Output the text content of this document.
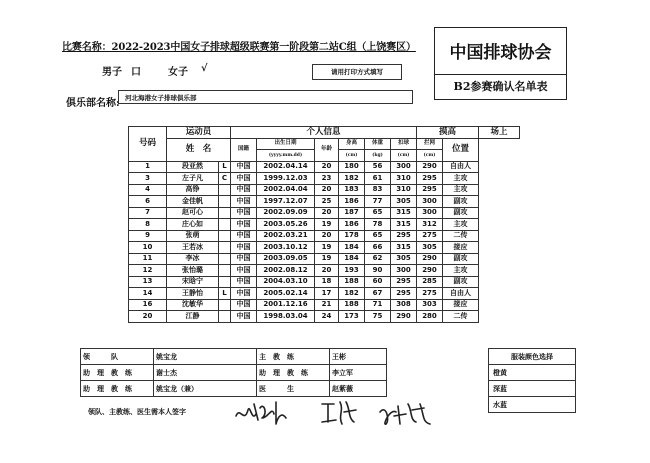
比赛名称：2022-2023中国女子排球超级联赛第一阶段第二站C组（上饶赛区）	中国排球协会
B2参赛确认名单表
男子 口	女子 √	请用打印方式填写
俱乐部名称: 河北海港女子排球俱乐部
号码	运动员		个人信息						摸高		场上
	姓　名		国籍	出生日期	年龄	身高	体重	扣球	拦网	位置	
				(yyyy.mm.dd)		(cm)	(kg)	(cm)	(cm)		
1	段亚然	L	中国	2002.04.14	20	180	56	300	290	自由人	
3	左子凡	C	中国	1999.12.03	23	182	61	310	295	主攻	
4	高铮		中国	2002.04.04	20	183	83	310	295	主攻	
6	金佳帆		中国	1997.12.07	25	186	77	305	300	副攻	
7	赵可心		中国	2002.09.09	20	187	65	315	300	副攻	
8	庄心如		中国	2003.05.26	19	186	78	315	312	主攻	
9	张萌		中国	2002.03.21	20	178	65	295	275	二传	
10	王若冰		中国	2003.10.12	19	184	66	315	305	接应	
11	李冰		中国	2003.09.05	19	184	62	305	290	副攻	
12	张怡璐		中国	2002.08.12	20	193	90	300	290	主攻	
13	宋晗宁		中国	2004.03.10	18	188	60	295	285	副攻	
14	王静怡	L	中国	2005.02.14	17	182	67	295	275	自由人	
16	沈敏华		中国	2001.12.16	21	188	71	308	303	接应	
20	江静		中国	1998.03.04	24	173	75	290	280	二传	
领　　　队	姚宝龙	主　教　练	王彬
助　理　教　练	谢士杰	助　理　教　练	李立军
助　理　教　练	姚宝龙（兼）	医　　　生	赵紫薇
服装颜色选择
橙黄
深蓝
水蓝
领队、主教练、医生需本人签字
